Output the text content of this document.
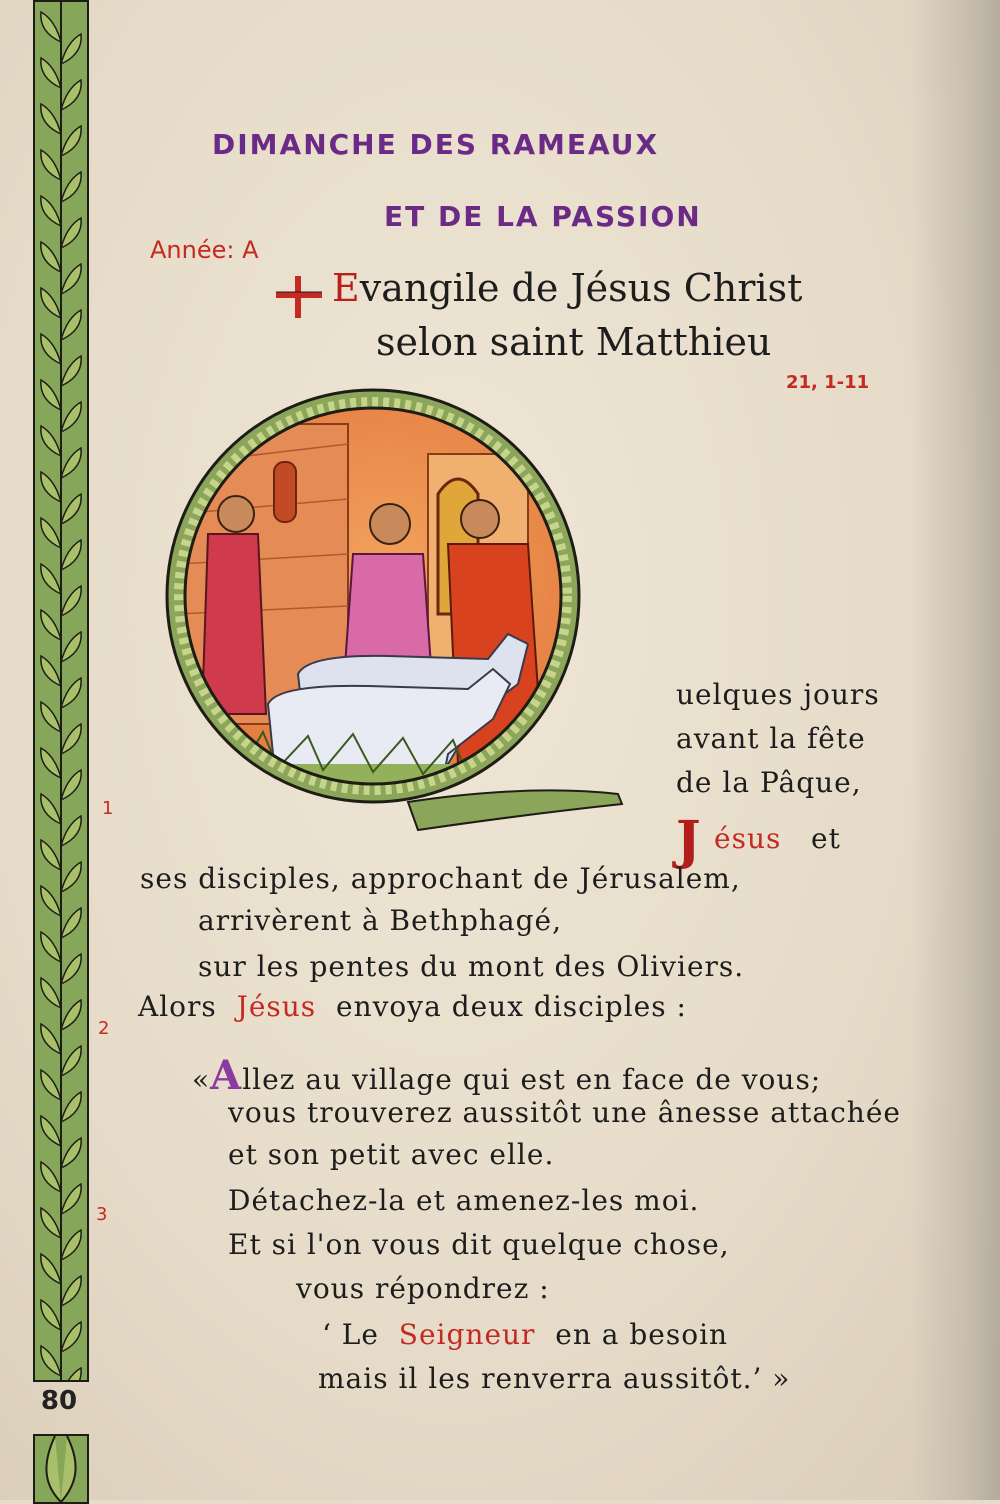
80
DIMANCHE DES RAMEAUX
ET DE LA PASSION
Année: A
Evangile de Jésus Christ
selon saint Matthieu
21, 1-11
1
2
3
uelques jours
avant la fête
de la Pâque,
J ésus et
ses disciples, approchant de Jérusalem,
arrivèrent à Bethphagé,
sur les pentes du mont des Oliviers.
Alors Jésus envoya deux disciples :
«Allez au village qui est en face de vous;
vous trouverez aussitôt une ânesse attachée
et son petit avec elle.
Détachez-la et amenez-les moi.
Et si l'on vous dit quelque chose,
vous répondrez :
‘ Le Seigneur en a besoin
mais il les renverra aussitôt.’ »
